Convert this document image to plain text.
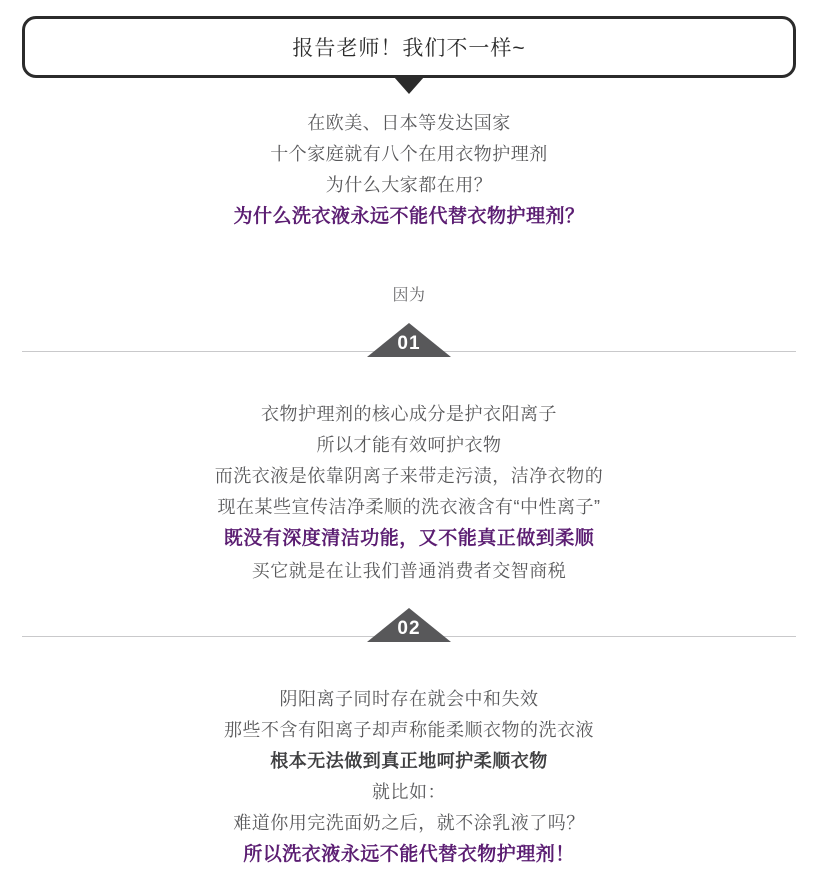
报告老师！我们不一样~
在欧美、日本等发达国家
十个家庭就有八个在用衣物护理剂
为什么大家都在用？
为什么洗衣液永远不能代替衣物护理剂？
因为
01
衣物护理剂的核心成分是护衣阳离子
所以才能有效呵护衣物
而洗衣液是依靠阴离子来带走污渍，洁净衣物的
现在某些宣传洁净柔顺的洗衣液含有“中性离子”
既没有深度清洁功能，又不能真正做到柔顺
买它就是在让我们普通消费者交智商税
02
阴阳离子同时存在就会中和失效
那些不含有阳离子却声称能柔顺衣物的洗衣液
根本无法做到真正地呵护柔顺衣物
就比如：
难道你用完洗面奶之后，就不涂乳液了吗？
所以洗衣液永远不能代替衣物护理剂！
